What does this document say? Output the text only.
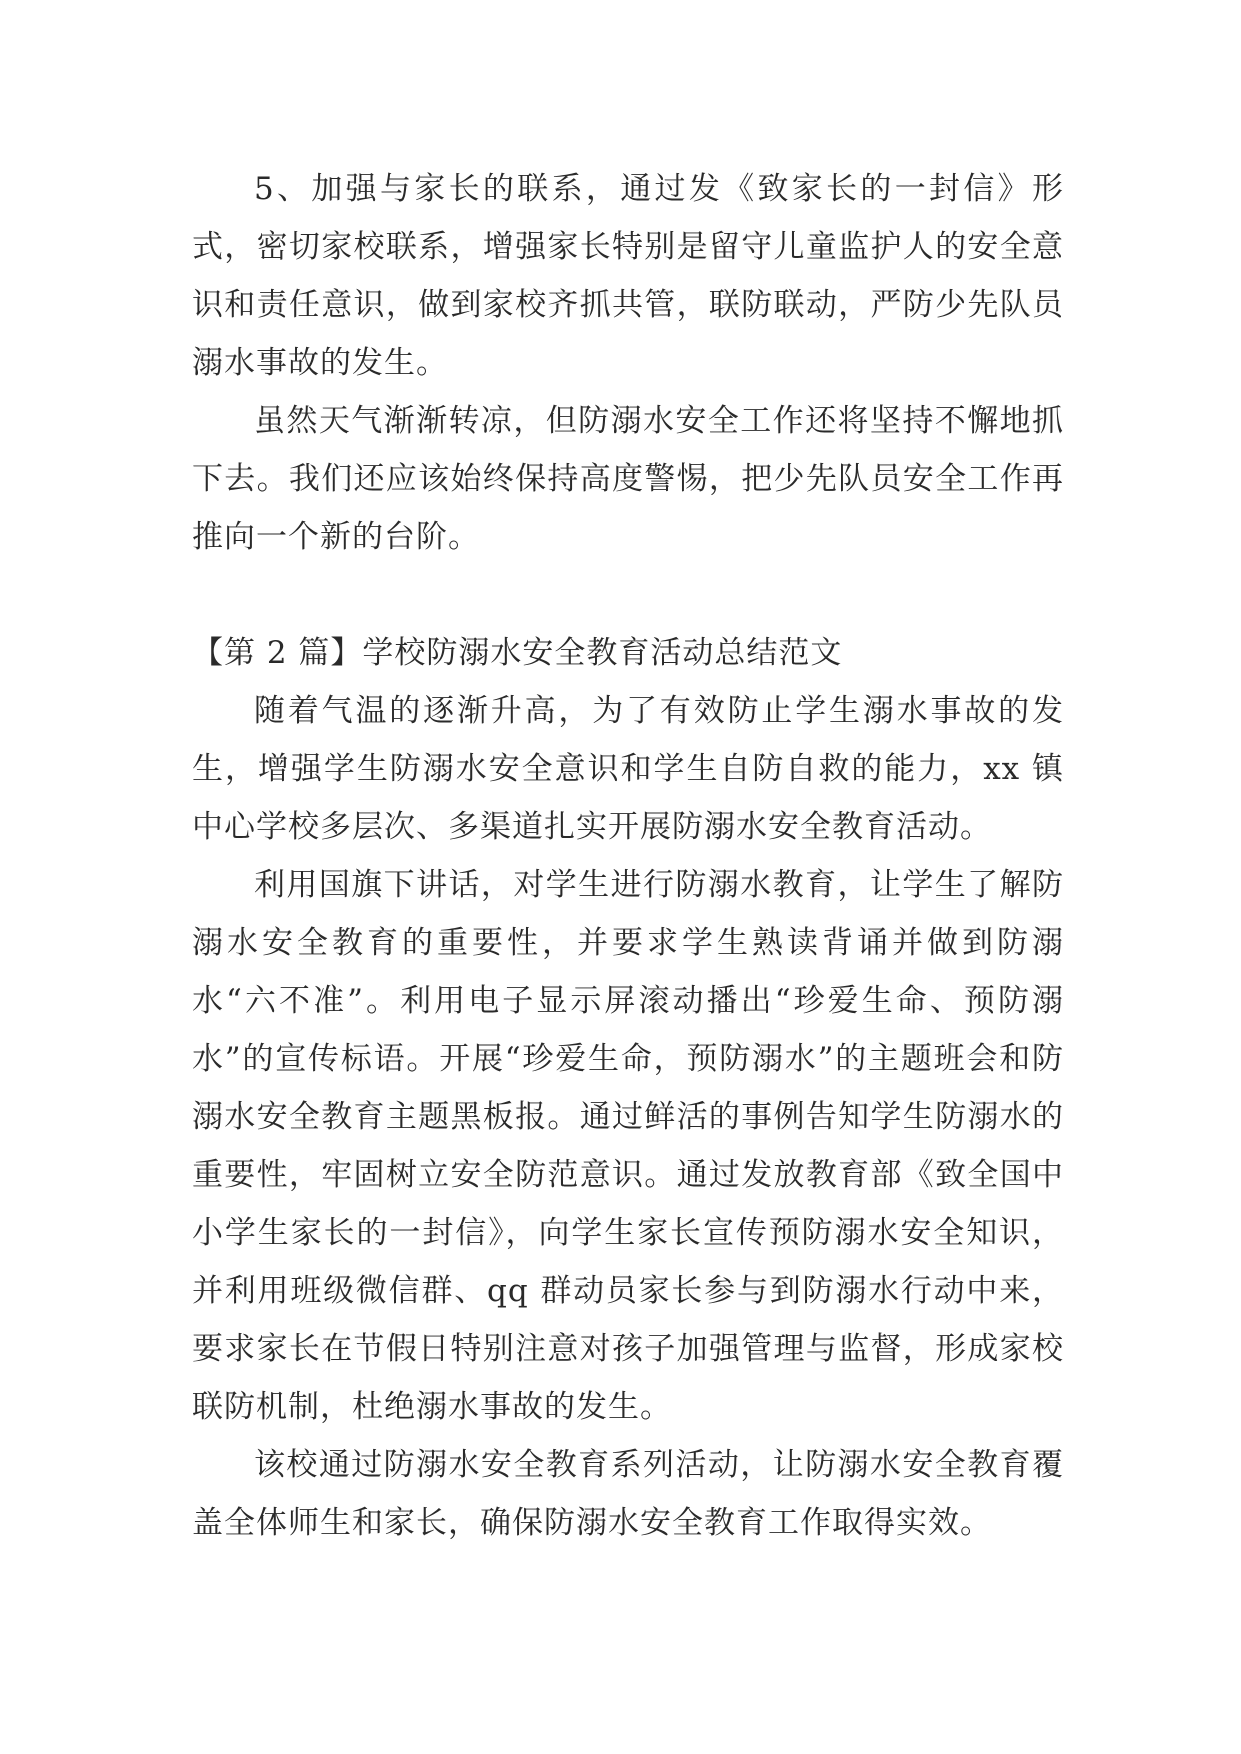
5、加强与家长的联系，通过发《致家长的一封信》形式，密切家校联系，增强家长特别是留守儿童监护人的安全意识和责任意识，做到家校齐抓共管，联防联动，严防少先队员溺水事故的发生。

虽然天气渐渐转凉，但防溺水安全工作还将坚持不懈地抓下去。我们还应该始终保持高度警惕，把少先队员安全工作再推向一个新的台阶。

【第 2 篇】学校防溺水安全教育活动总结范文

随着气温的逐渐升高，为了有效防止学生溺水事故的发生，增强学生防溺水安全意识和学生自防自救的能力，xx 镇中心学校多层次、多渠道扎实开展防溺水安全教育活动。

利用国旗下讲话，对学生进行防溺水教育，让学生了解防溺水安全教育的重要性，并要求学生熟读背诵并做到防溺水“六不准”。利用电子显示屏滚动播出“珍爱生命、预防溺水”的宣传标语。开展“珍爱生命，预防溺水”的主题班会和防溺水安全教育主题黑板报。通过鲜活的事例告知学生防溺水的重要性，牢固树立安全防范意识。通过发放教育部《致全国中小学生家长的一封信》，向学生家长宣传预防溺水安全知识，并利用班级微信群、qq 群动员家长参与到防溺水行动中来，要求家长在节假日特别注意对孩子加强管理与监督，形成家校联防机制，杜绝溺水事故的发生。

该校通过防溺水安全教育系列活动，让防溺水安全教育覆盖全体师生和家长，确保防溺水安全教育工作取得实效。
